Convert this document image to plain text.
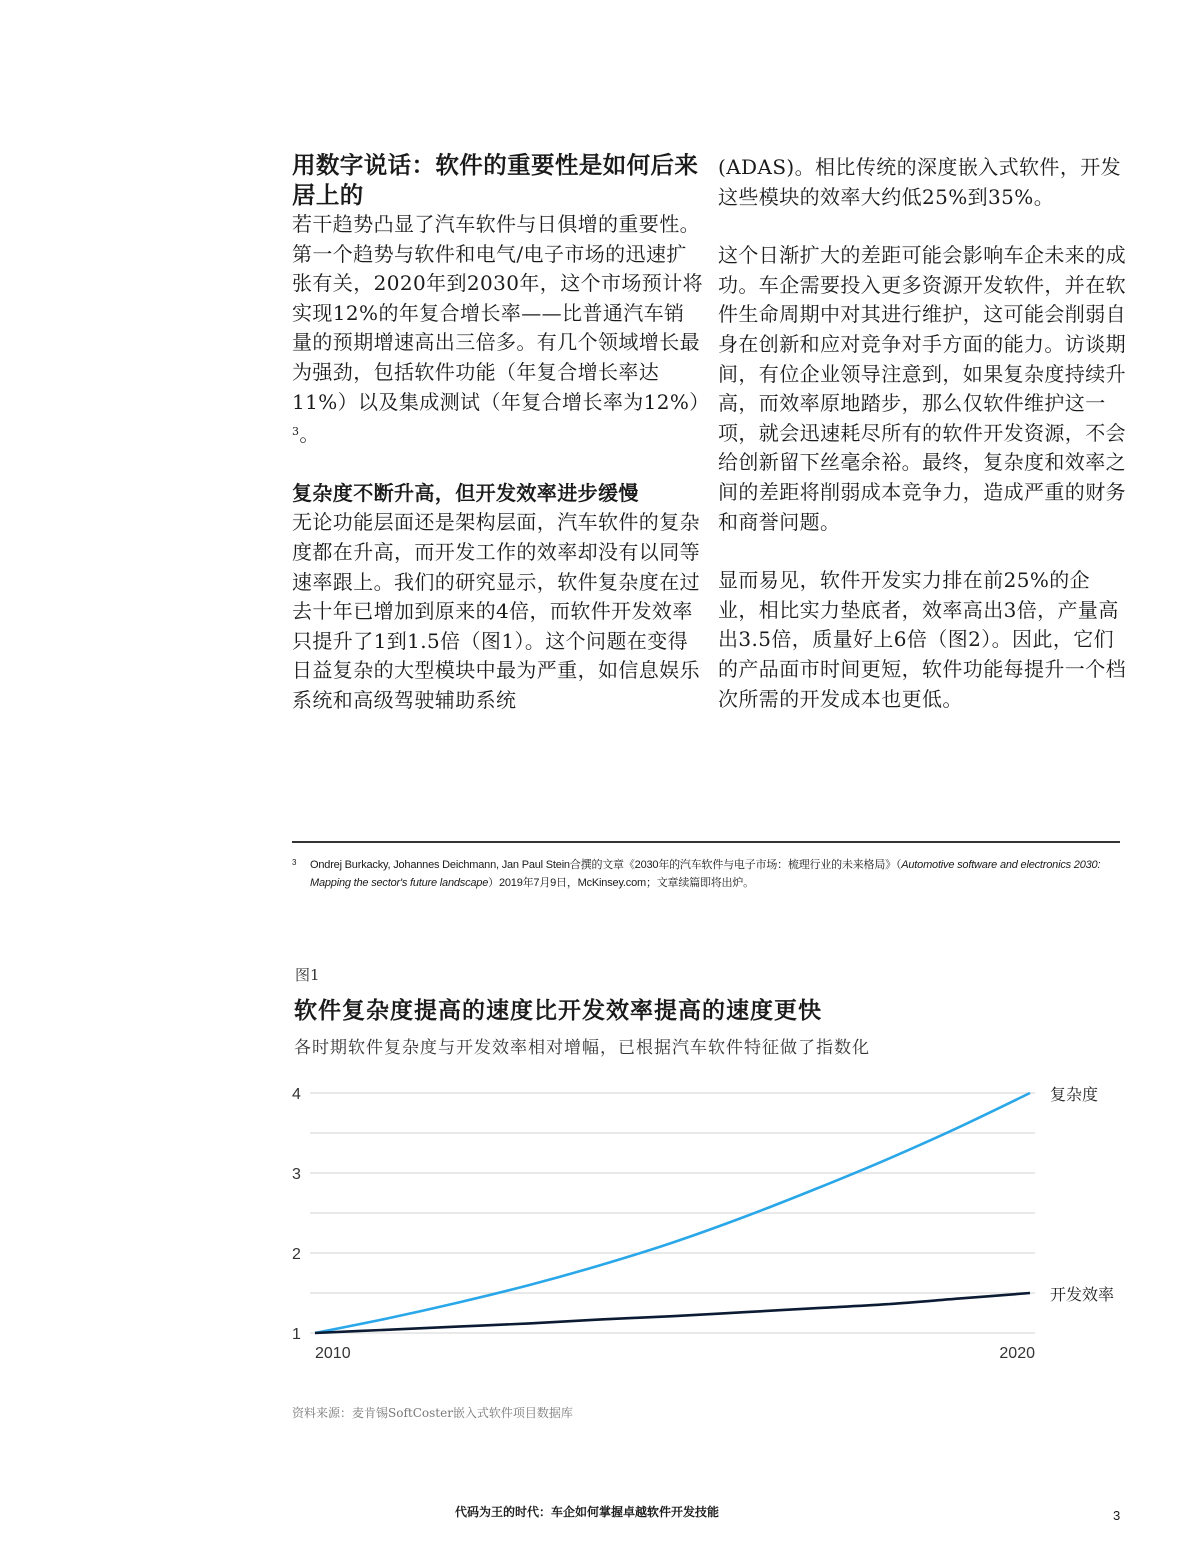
用数字说话：软件的重要性是如何后来居上的

若干趋势凸显了汽车软件与日俱增的重要性。第一个趋势与软件和电气/电子市场的迅速扩张有关，2020年到2030年，这个市场预计将实现12%的年复合增长率——比普通汽车销量的预期增速高出三倍多。有几个领域增长最为强劲，包括软件功能（年复合增长率达11%）以及集成测试（年复合增长率为12%）$^3$。

复杂度不断升高，但开发效率进步缓慢

无论功能层面还是架构层面，汽车软件的复杂度都在升高，而开发工作的效率却没有以同等速率跟上。我们的研究显示，软件复杂度在过去十年已增加到原来的4倍，而软件开发效率只提升了1到1.5倍（图1）。这个问题在变得日益复杂的大型模块中最为严重，如信息娱乐系统和高级驾驶辅助系统

(ADAS)。相比传统的深度嵌入式软件，开发这些模块的效率大约低25%到35%。

这个日渐扩大的差距可能会影响车企未来的成功。车企需要投入更多资源开发软件，并在软件生命周期中对其进行维护，这可能会削弱自身在创新和应对竞争对手方面的能力。访谈期间，有位企业领导注意到，如果复杂度持续升高，而效率原地踏步，那么仅软件维护这一项，就会迅速耗尽所有的软件开发资源，不会给创新留下丝毫余裕。最终，复杂度和效率之间的差距将削弱成本竞争力，造成严重的财务和商誉问题。

显而易见，软件开发实力排在前25%的企业，相比实力垫底者，效率高出3倍，产量高出3.5倍，质量好上6倍（图2）。因此，它们的产品面市时间更短，软件功能每提升一个档次所需的开发成本也更低。

3 Ondrej Burkacky, Johannes Deichmann, Jan Paul Stein合撰的文章《2030年的汽车软件与电子市场：梳理行业的未来格局》（Automotive software and electronics 2030: Mapping the sector's future landscape）2019年7月9日，McKinsey.com；文章续篇即将出炉。
图1
软件复杂度提高的速度比开发效率提高的速度更快
各时期软件复杂度与开发效率相对增幅，已根据汽车软件特征做了指数化
1
2
3
4
2010	2020
复杂度
开发效率
资料来源：麦肯锡SoftCoster嵌入式软件项目数据库
代码为王的时代：车企如何掌握卓越软件开发技能	3
